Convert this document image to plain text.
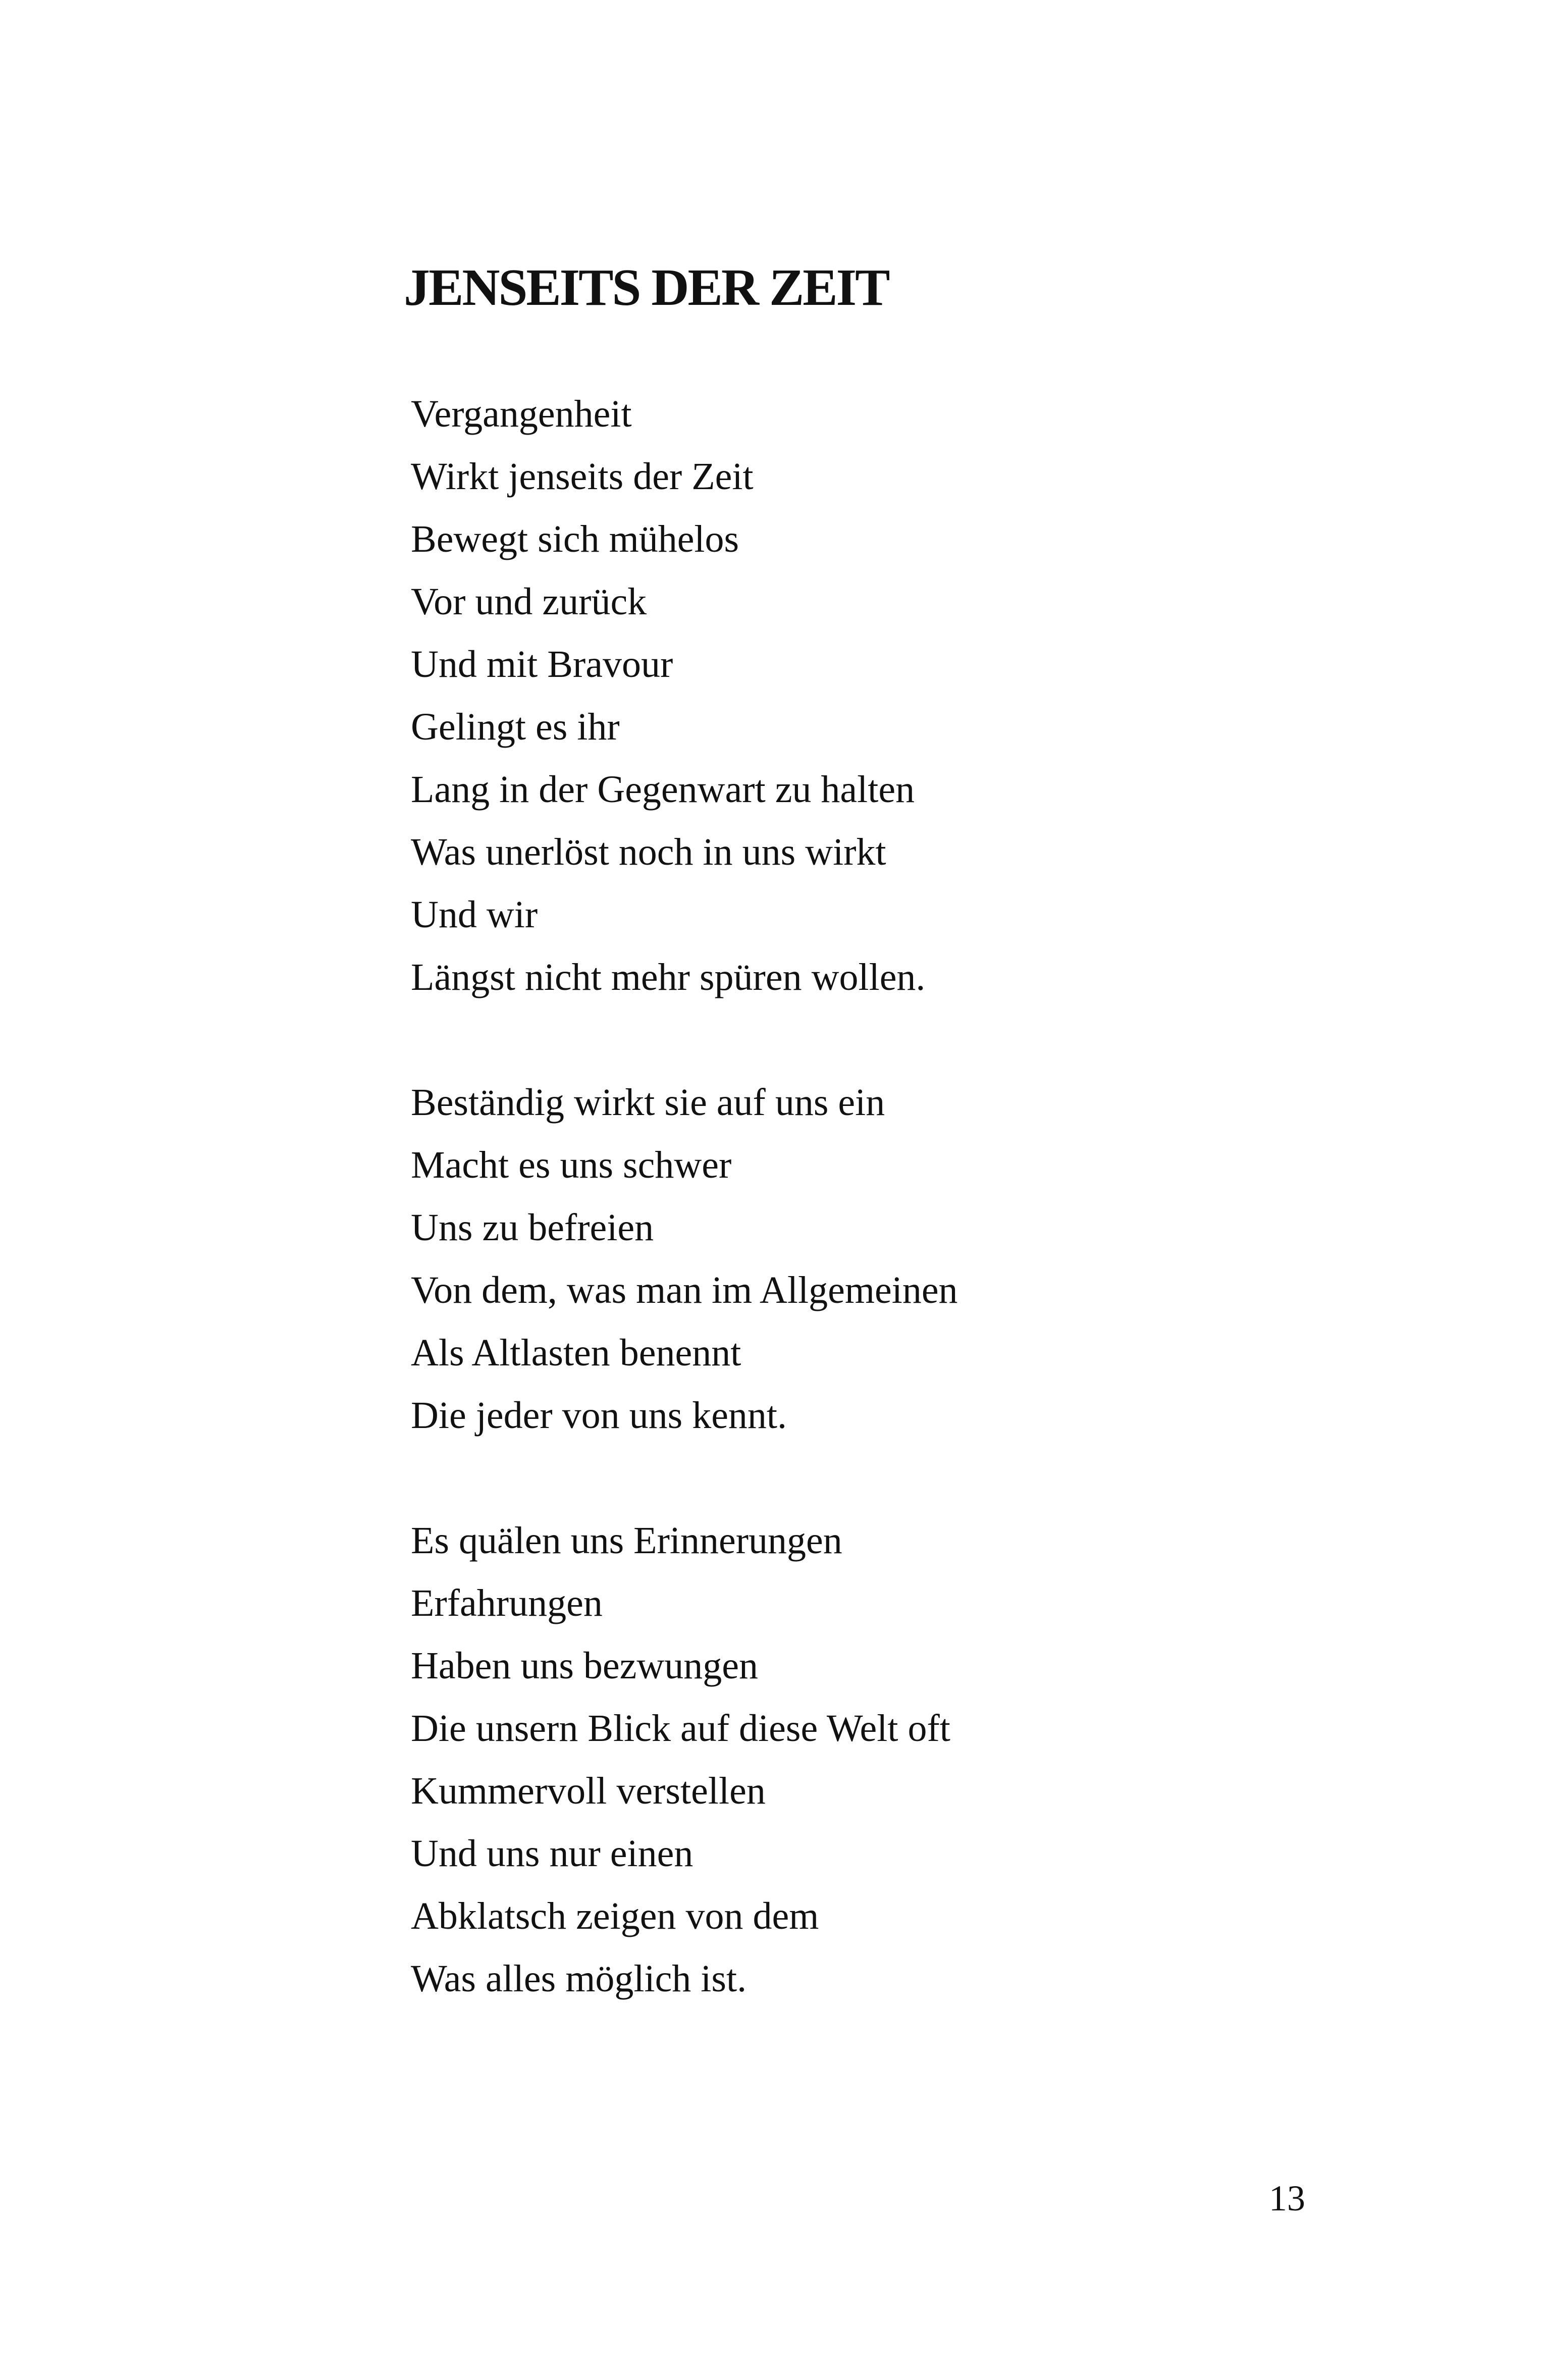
JENSEITS DER ZEIT

Vergangenheit
Wirkt jenseits der Zeit
Bewegt sich mühelos
Vor und zurück
Und mit Bravour
Gelingt es ihr
Lang in der Gegenwart zu halten
Was unerlöst noch in uns wirkt
Und wir
Längst nicht mehr spüren wollen.

Beständig wirkt sie auf uns ein
Macht es uns schwer
Uns zu befreien
Von dem, was man im Allgemeinen
Als Altlasten benennt
Die jeder von uns kennt.

Es quälen uns Erinnerungen
Erfahrungen
Haben uns bezwungen
Die unsern Blick auf diese Welt oft
Kummervoll verstellen
Und uns nur einen
Abklatsch zeigen von dem
Was alles möglich ist.

13
